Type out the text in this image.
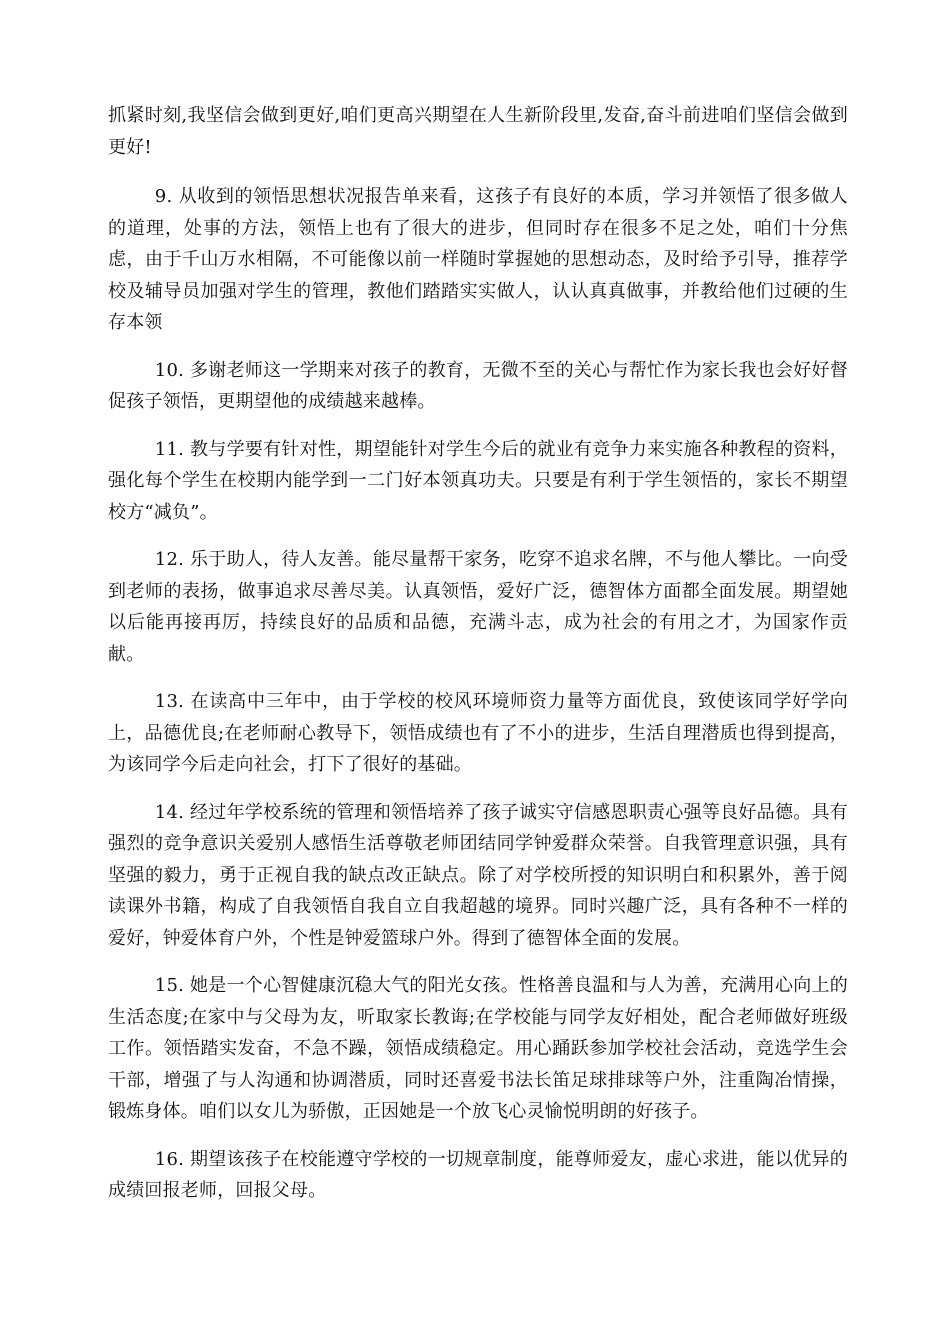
抓紧时刻,我坚信会做到更好,咱们更高兴期望在人生新阶段里,发奋,奋斗前进咱们坚信会做到更好!

9. 从收到的领悟思想状况报告单来看，这孩子有良好的本质，学习并领悟了很多做人的道理，处事的方法，领悟上也有了很大的进步，但同时存在很多不足之处，咱们十分焦虑，由于千山万水相隔，不可能像以前一样随时掌握她的思想动态，及时给予引导，推荐学校及辅导员加强对学生的管理，教他们踏踏实实做人，认认真真做事，并教给他们过硬的生存本领

10. 多谢老师这一学期来对孩子的教育，无微不至的关心与帮忙作为家长我也会好好督促孩子领悟，更期望他的成绩越来越棒。

11. 教与学要有针对性，期望能针对学生今后的就业有竞争力来实施各种教程的资料，强化每个学生在校期内能学到一二门好本领真功夫。只要是有利于学生领悟的，家长不期望校方“减负”。

12. 乐于助人，待人友善。能尽量帮干家务，吃穿不追求名牌，不与他人攀比。一向受到老师的表扬，做事追求尽善尽美。认真领悟，爱好广泛，德智体方面都全面发展。期望她以后能再接再厉，持续良好的品质和品德，充满斗志，成为社会的有用之才，为国家作贡献。

13. 在读高中三年中，由于学校的校风环境师资力量等方面优良，致使该同学好学向上，品德优良;在老师耐心教导下，领悟成绩也有了不小的进步，生活自理潜质也得到提高，为该同学今后走向社会，打下了很好的基础。

14. 经过年学校系统的管理和领悟培养了孩子诚实守信感恩职责心强等良好品德。具有强烈的竞争意识关爱别人感悟生活尊敬老师团结同学钟爱群众荣誉。自我管理意识强，具有坚强的毅力，勇于正视自我的缺点改正缺点。除了对学校所授的知识明白和积累外，善于阅读课外书籍，构成了自我领悟自我自立自我超越的境界。同时兴趣广泛，具有各种不一样的爱好，钟爱体育户外，个性是钟爱篮球户外。得到了德智体全面的发展。

15. 她是一个心智健康沉稳大气的阳光女孩。性格善良温和与人为善，充满用心向上的生活态度;在家中与父母为友，听取家长教诲;在学校能与同学友好相处，配合老师做好班级工作。领悟踏实发奋，不急不躁，领悟成绩稳定。用心踊跃参加学校社会活动，竞选学生会干部，增强了与人沟通和协调潜质，同时还喜爱书法长笛足球排球等户外，注重陶冶情操，锻炼身体。咱们以女儿为骄傲，正因她是一个放飞心灵愉悦明朗的好孩子。

16. 期望该孩子在校能遵守学校的一切规章制度，能尊师爱友，虚心求进，能以优异的成绩回报老师，回报父母。
